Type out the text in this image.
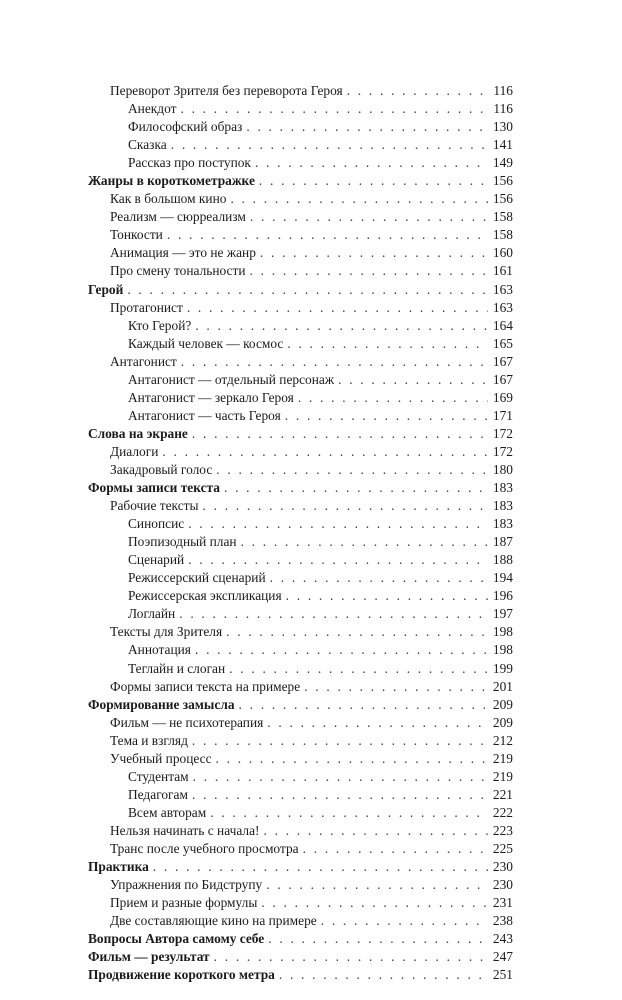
Переворот Зрителя без переворота Героя . . .	116
Анекдот . . .	116
Философский образ . . .	130
Сказка . . .	141
Рассказ про поступок . . .	149
Жанры в короткометражке . . .	156
Как в большом кино . . .	156
Реализм — сюрреализм . . .	158
Тонкости . . .	158
Анимация — это не жанр . . .	160
Про смену тональности . . .	161
Герой . . .	163
Протагонист . . .	163
Кто Герой? . . .	164
Каждый человек — космос . . .	165
Антагонист . . .	167
Антагонист — отдельный персонаж . . .	167
Антагонист — зеркало Героя . . .	169
Антагонист — часть Героя . . .	171
Слова на экране . . .	172
Диалоги . . .	172
Закадровый голос . . .	180
Формы записи текста . . .	183
Рабочие тексты . . .	183
Синопсис . . .	183
Поэпизодный план . . .	187
Сценарий . . .	188
Режиссерский сценарий . . .	194
Режиссерская экспликация . . .	196
Логлайн . . .	197
Тексты для Зрителя . . .	198
Аннотация . . .	198
Теглайн и слоган . . .	199
Формы записи текста на примере . . .	201
Формирование замысла . . .	209
Фильм — не психотерапия . . .	209
Тема и взгляд . . .	212
Учебный процесс . . .	219
Студентам . . .	219
Педагогам . . .	221
Всем авторам . . .	222
Нельзя начинать с начала! . . .	223
Транс после учебного просмотра . . .	225
Практика . . .	230
Упражнения по Бидструпу . . .	230
Прием и разные формулы . . .	231
Две составляющие кино на примере . . .	238
Вопросы Автора самому себе . . .	243
Фильм — результат . . .	247
Продвижение короткого метра . . .	251
